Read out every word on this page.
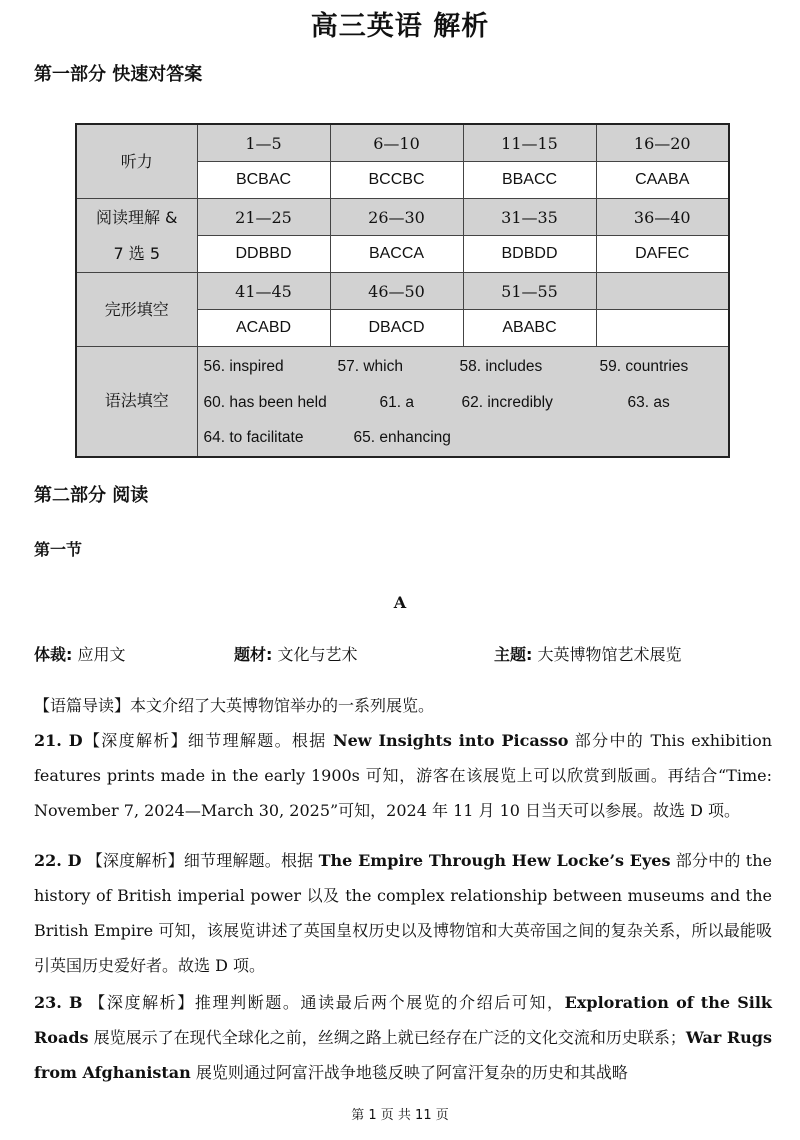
高三英语 解析
第一部分 快速对答案
听力	1—5	6—10	11—15	16—20
	BCBAC	BCCBC	BBACC	CAABA
阅读理解 &
7 选 5	21—25	26—30	31—35	36—40
	DDBBD	BACCA	BDBDD	DAFEC
完形填空	41—45	46—50	51—55	
	ACABD	DBACD	ABABC	
语法填空	56. inspired 57. which 58. includes 59. countries
60. has been held 61. a 62. incredibly 63. as
64. to facilitate 65. enhancing			
第二部分 阅读
第一节
A
体裁: 应用文	题材: 文化与艺术	主题: 大英博物馆艺术展览
【语篇导读】本文介绍了大英博物馆举办的一系列展览。
21. D【深度解析】细节理解题。根据 New Insights into Picasso 部分中的 This exhibition features prints made in the early 1900s 可知，游客在该展览上可以欣赏到版画。再结合“Time: November 7, 2024—March 30, 2025”可知，2024 年 11 月 10 日当天可以参展。故选 D 项。
22. D 【深度解析】细节理解题。根据 The Empire Through Hew Locke’s Eyes 部分中的 the history of British imperial power 以及 the complex relationship between museums and the British Empire 可知，该展览讲述了英国皇权历史以及博物馆和大英帝国之间的复杂关系，所以最能吸引英国历史爱好者。故选 D 项。
23. B 【深度解析】推理判断题。通读最后两个展览的介绍后可知，Exploration of the Silk Roads 展览展示了在现代全球化之前，丝绸之路上就已经存在广泛的文化交流和历史联系；War Rugs from Afghanistan 展览则通过阿富汗战争地毯反映了阿富汗复杂的历史和其战略
第 1 页 共 11 页
